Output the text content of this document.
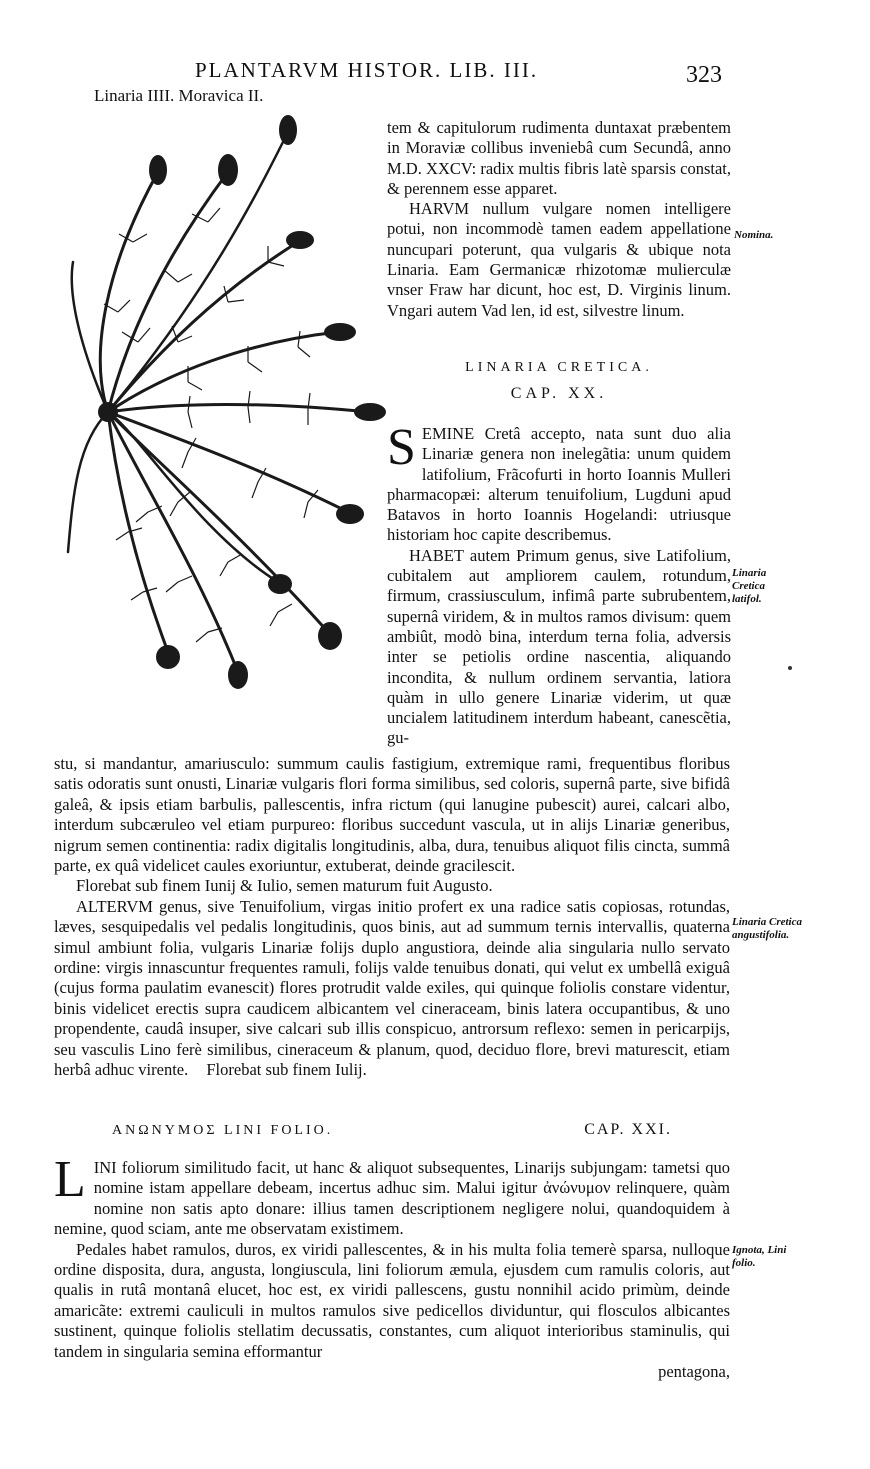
PLANTARVM HISTOR. LIB. III.	323
Linaria IIII. Moravica II.

tem & capitulorum rudimenta duntaxat præbentem in Moraviæ collibus inveniebâ cum Secundâ, anno M.D. XXCV: radix multis fibris latè sparsis constat, & perennem esse apparet.

HARVM nullum vulgare nomen intelligere potui, non incommodè tamen eadem appellatione nuncupari poterunt, qua vulgaris & ubique nota Linaria. Eam Germanicæ rhizotomæ mulierculæ vnser Fraw har dicunt, hoc est, D. Virginis linum. Vngari autem Vad len, id est, silvestre linum.

LINARIA CRETICA.
CAP. XX.

SEMINE Cretâ accepto, nata sunt duo alia Linariæ genera non inelegãtia: unum quidem latifolium, Frãcofurti in horto Ioannis Mulleri pharmacopæi: alterum tenuifolium, Lugduni apud Batavos in horto Ioannis Hogelandi: utriusque historiam hoc capite describemus.

HABET autem Primum genus, sive Latifolium, cubitalem aut ampliorem caulem, rotundum, firmum, crassiusculum, infimâ parte subrubentem, supernâ viridem, & in multos ramos divisum: quem ambiût, modò bina, interdum terna folia, adversis inter se petiolis ordine nascentia, aliquando incondita, & nullum ordinem servantia, latiora quàm in ullo genere Linariæ viderim, ut quæ uncialem latitudinem interdum habeant, canescẽtia, gu-

stu, si mandantur, amariusculo: summum caulis fastigium, extremique rami, frequentibus floribus satis odoratis sunt onusti, Linariæ vulgaris flori forma similibus, sed coloris, supernâ parte, sive bifidâ galeâ, & ipsis etiam barbulis, pallescentis, infra rictum (qui lanugine pubescit) aurei, calcari albo, interdum subcæruleo vel etiam purpureo: floribus succedunt vascula, ut in alijs Linariæ generibus, nigrum semen continentia: radix digitalis longitudinis, alba, dura, tenuibus aliquot filis cincta, summâ parte, ex quâ videlicet caules exoriuntur, extuberat, deinde gracilescit.

Florebat sub finem Iunij & Iulio, semen maturum fuit Augusto.

ALTERVM genus, sive Tenuifolium, virgas initio profert ex una radice satis copiosas, rotundas, læves, sesquipedalis vel pedalis longitudinis, quos binis, aut ad summum ternis intervallis, quaterna simul ambiunt folia, vulgaris Linariæ folijs duplo angustiora, deinde alia singularia nullo servato ordine: virgis innascuntur frequentes ramuli, folijs valde tenuibus donati, qui velut ex umbellâ exiguâ (cujus forma paulatim evanescit) flores protrudit valde exiles, qui quinque foliolis constare videntur, binis videlicet erectis supra caudicem albicantem vel cineraceam, binis latera occupantibus, & uno propendente, caudâ insuper, sive calcari sub illis conspicuo, antrorsum reflexo: semen in pericarpijs, seu vasculis Lino ferè similibus, cineraceum & planum, quod, deciduo flore, brevi maturescit, etiam herbâ adhuc virente. Florebat sub finem Iulij.

ΑΝΩΝΥΜΟΣ LINI FOLIO.	CAP. XXI.

LINI foliorum similitudo facit, ut hanc & aliquot subsequentes, Linarijs subjungam: tametsi quo nomine istam appellare debeam, incertus adhuc sim. Malui igitur ἀνώνυμον relinquere, quàm nomine non satis apto donare: illius tamen descriptionem negligere nolui, quandoquidem à nemine, quod sciam, ante me observatam existimem.

Pedales habet ramulos, duros, ex viridi pallescentes, & in his multa folia temerè sparsa, nulloque ordine disposita, dura, angusta, longiuscula, lini foliorum æmula, ejusdem cum ramulis coloris, aut qualis in rutâ montanâ elucet, hoc est, ex viridi pallescens, gustu nonnihil acido primùm, deinde amaricãte: extremi cauliculi in multos ramulos sive pedicellos dividuntur, qui flosculos albicantes sustinent, quinque foliolis stellatim decussatis, constantes, cum aliquot interioribus staminulis, qui tandem in singularia semina efformantur

pentagona,

Nomina.
Linaria Cretica latifol.
Linaria Cretica angustifolia.
Ignota, Lini folio.
